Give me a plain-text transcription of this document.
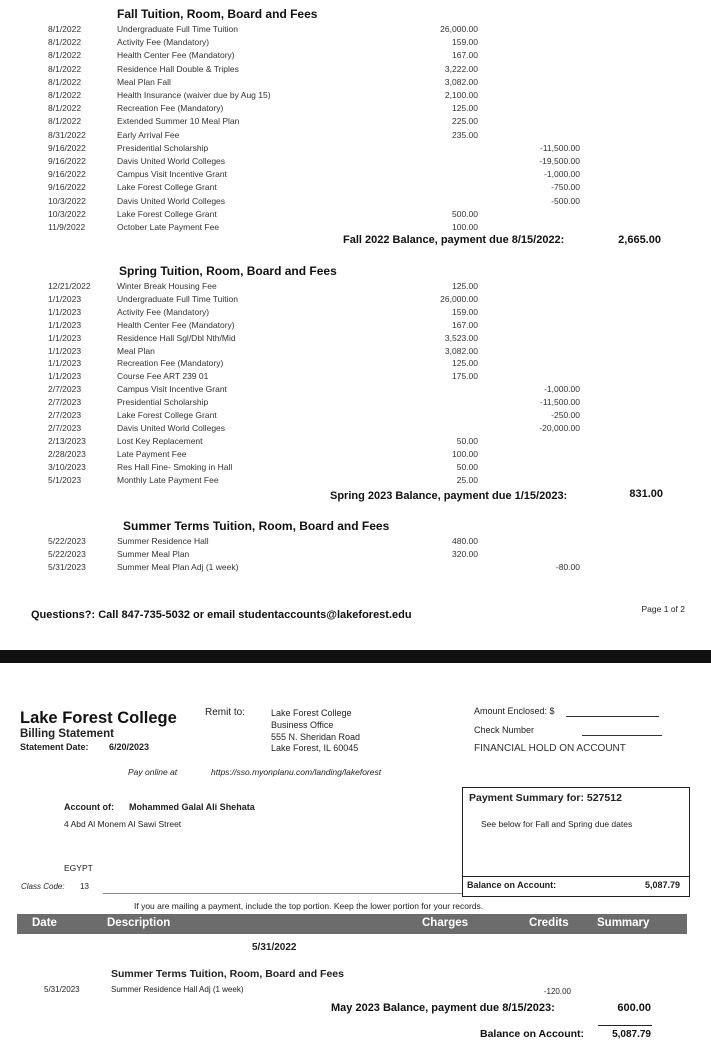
Fall Tuition, Room, Board and Fees
8/1/2022	Undergraduate Full Time Tuition	26,000.00
8/1/2022	Activity Fee (Mandatory)	159.00
8/1/2022	Health Center Fee (Mandatory)	167.00
8/1/2022	Residence Hall Double & Triples	3,222.00
8/1/2022	Meal Plan Fall	3,082.00
8/1/2022	Health Insurance (waiver due by Aug 15)	2,100.00
8/1/2022	Recreation Fee (Mandatory)	125.00
8/1/2022	Extended Summer 10 Meal Plan	225.00
8/31/2022	Early Arrival Fee	235.00
9/16/2022	Presidential Scholarship	-11,500.00
9/16/2022	Davis United World Colleges	-19,500.00
9/16/2022	Campus Visit Incentive Grant	-1,000.00
9/16/2022	Lake Forest College Grant	-750.00
10/3/2022	Davis United World Colleges	-500.00
10/3/2022	Lake Forest College Grant	500.00
11/9/2022	October Late Payment Fee	100.00
Fall 2022 Balance, payment due 8/15/2022:	2,665.00
Spring Tuition, Room, Board and Fees
12/21/2022	Winter Break Housing Fee	125.00
1/1/2023	Undergraduate Full Time Tuition	26,000.00
1/1/2023	Activity Fee (Mandatory)	159.00
1/1/2023	Health Center Fee (Mandatory)	167.00
1/1/2023	Residence Hall Sgl/Dbl Nth/Mid	3,523.00
1/1/2023	Meal Plan	3,082.00
1/1/2023	Recreation Fee (Mandatory)	125.00
1/1/2023	Course Fee ART 239 01	175.00
2/7/2023	Campus Visit Incentive Grant	-1,000.00
2/7/2023	Presidential Scholarship	-11,500.00
2/7/2023	Lake Forest College Grant	-250.00
2/7/2023	Davis United World Colleges	-20,000.00
2/13/2023	Lost Key Replacement	50.00
2/28/2023	Late Payment Fee	100.00
3/10/2023	Res Hall Fine- Smoking in Hall	50.00
5/1/2023	Monthly Late Payment Fee	25.00
Spring 2023 Balance, payment due 1/15/2023:	831.00
Summer Terms Tuition, Room, Board and Fees
5/22/2023	Summer Residence Hall	480.00
5/22/2023	Summer Meal Plan	320.00
5/31/2023	Summer Meal Plan Adj (1 week)	-80.00
Questions?: Call 847-735-5032 or email studentaccounts@lakeforest.edu	Page 1 of 2
Lake Forest College
Billing Statement
Statement Date: 6/20/2023
Remit to:	Lake Forest College
Business Office
555 N. Sheridan Road
Lake Forest, IL 60045
Amount Enclosed: $
Check Number
FINANCIAL HOLD ON ACCOUNT
Pay online at	https://sso.myonplanu.com/landing/lakeforest
Account of: Mohammed Galal Ali Shehata
4 Abd Al Monem Al Sawi Street
EGYPT
Class Code: 13
Payment Summary for: 527512
See below for Fall and Spring due dates
Balance on Account:	5,087.79
If you are mailing a payment, include the top portion. Keep the lower portion for your records.
Date	Description	Charges	Credits Summary
5/31/2022
Summer Terms Tuition, Room, Board and Fees
5/31/2023	Summer Residence Hall Adj (1 week)	-120.00
May 2023 Balance, payment due 8/15/2023:	600.00
Balance on Account:	5,087.79
